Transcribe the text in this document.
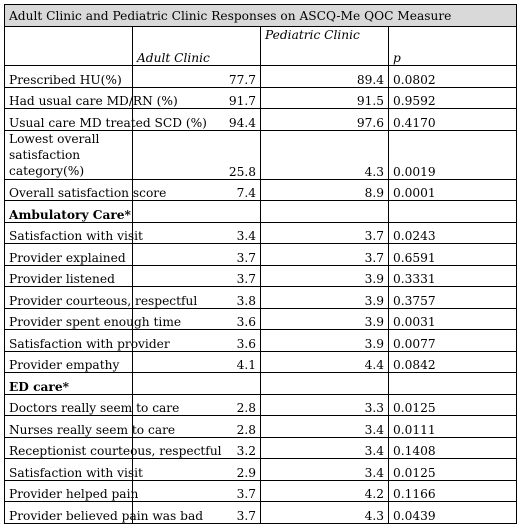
Adult Clinic and Pediatric Clinic Responses on ASCQ-Me QOC Measure			
	Adult Clinic	Pediatric Clinic	p
Prescribed HU(%)	77.7	89.4	0.0802
Had usual care MD/RN (%)	91.7	91.5	0.9592
Usual care MD treated SCD (%)	94.4	97.6	0.4170
Lowest overall satisfaction category(%)	25.8	4.3	0.0019
Overall satisfaction score	7.4	8.9	0.0001
Ambulatory Care*			
Satisfaction with visit	3.4	3.7	0.0243
Provider explained	3.7	3.7	0.6591
Provider listened	3.7	3.9	0.3331
Provider courteous, respectful	3.8	3.9	0.3757
Provider spent enough time	3.6	3.9	0.0031
Satisfaction with provider	3.6	3.9	0.0077
Provider empathy	4.1	4.4	0.0842
ED care*			
Doctors really seem to care	2.8	3.3	0.0125
Nurses really seem to care	2.8	3.4	0.0111
Receptionist courteous, respectful	3.2	3.4	0.1408
Satisfaction with visit	2.9	3.4	0.0125
Provider helped pain	3.7	4.2	0.1166
Provider believed pain was bad	3.7	4.3	0.0439
